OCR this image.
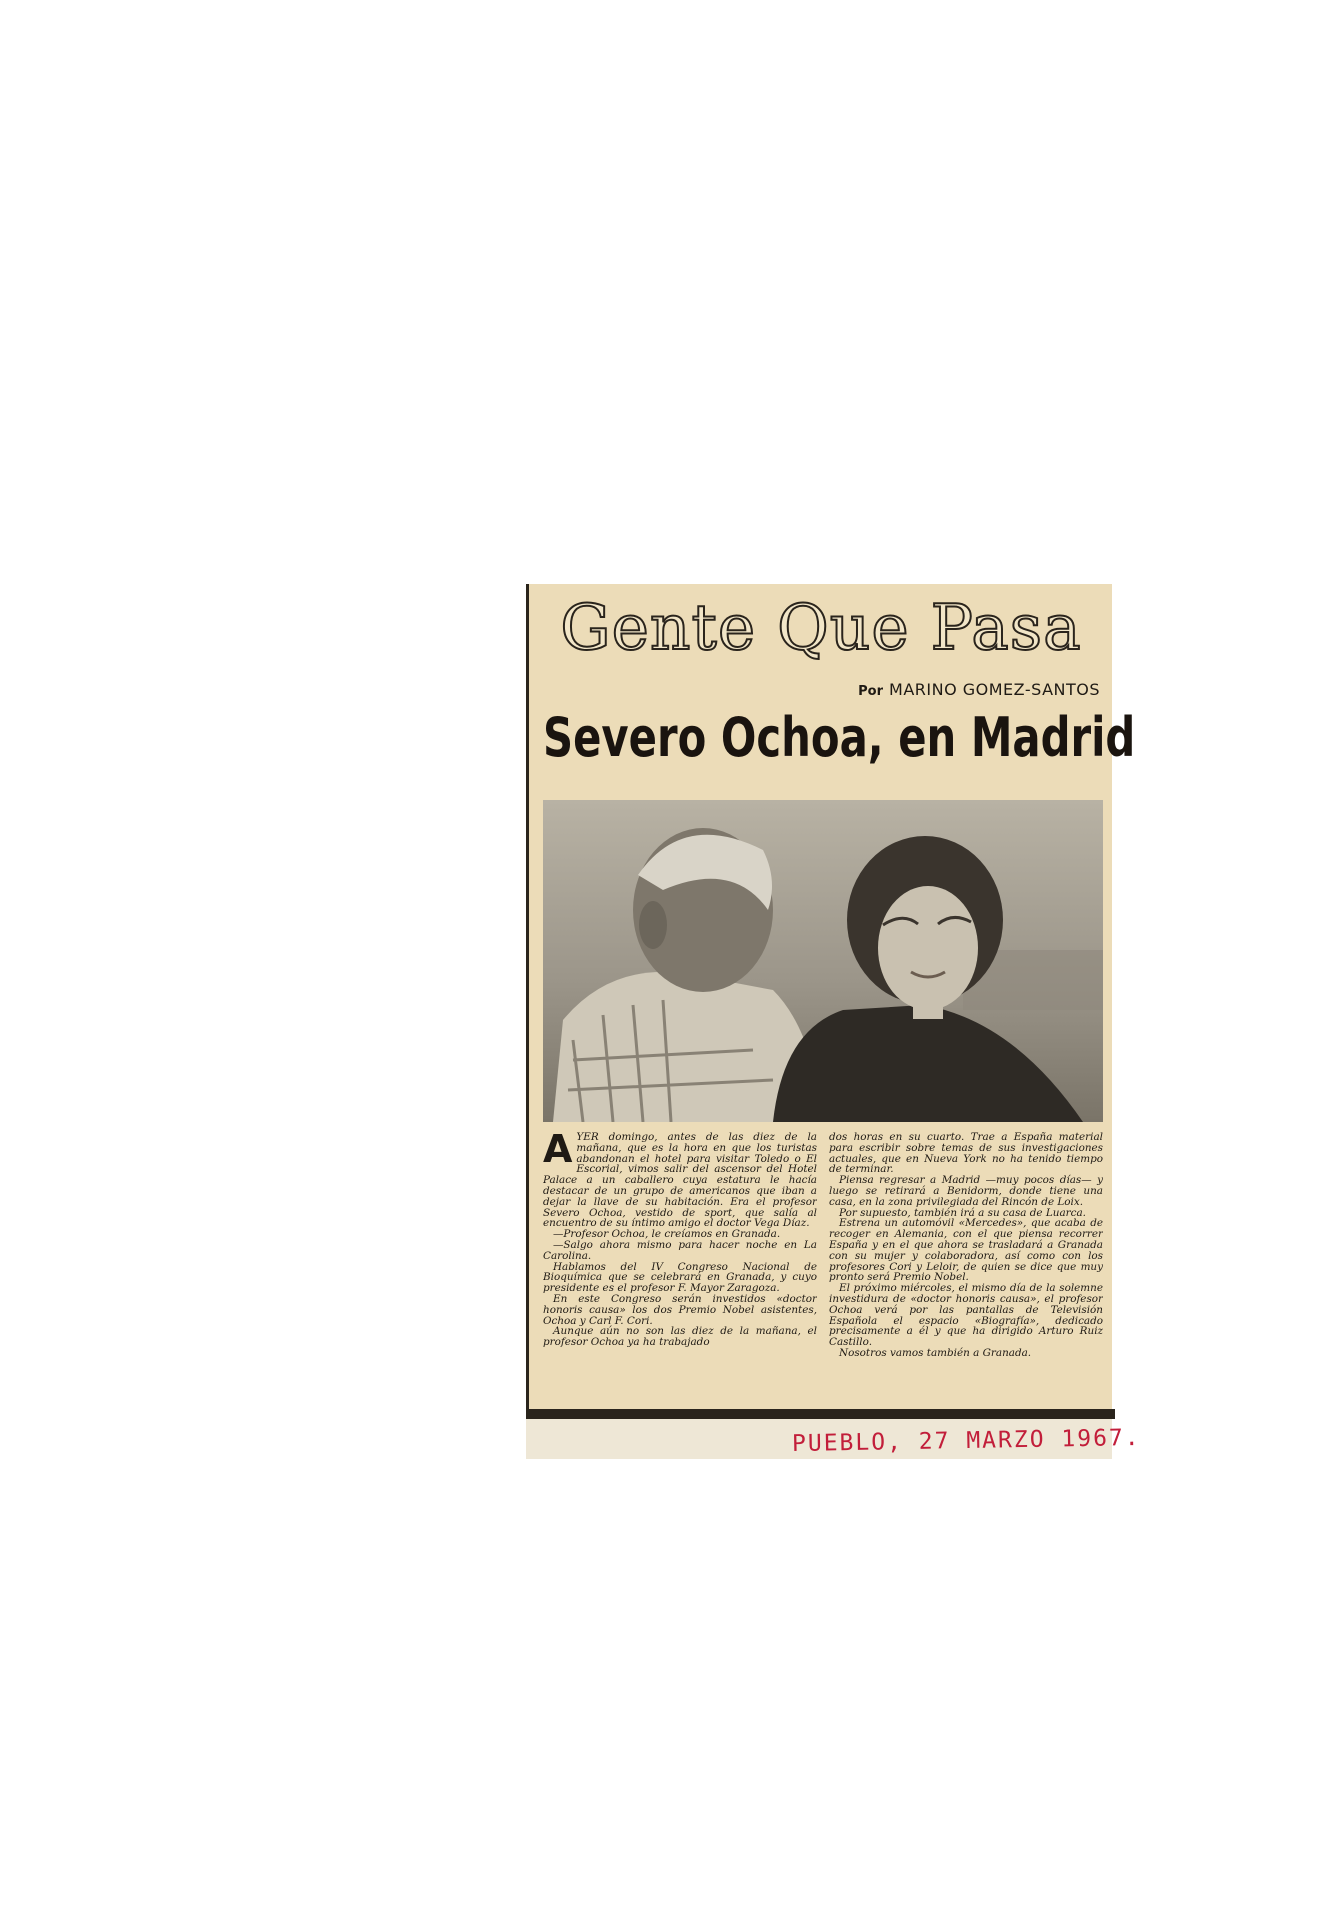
Gente Que Pasa
Por MARINO GOMEZ-SANTOS
Severo Ochoa, en Madrid

AYER domingo, antes de las diez de la mañana, que es la hora en que los turistas abandonan el hotel para visitar Toledo o El Escorial, vimos salir del ascensor del Hotel Palace a un caballero cuya estatura le hacía destacar de un grupo de americanos que iban a dejar la llave de su habitación. Era el profesor Severo Ochoa, vestido de sport, que salía al encuentro de su íntimo amigo el doctor Vega Díaz.

—Profesor Ochoa, le creíamos en Granada.

—Salgo ahora mismo para hacer noche en La Carolina.

Hablamos del IV Congreso Nacional de Bioquímica que se celebrará en Granada, y cuyo presidente es el profesor F. Mayor Zaragoza.

En este Congreso serán investidos «doctor honoris causa» los dos Premio Nobel asistentes, Ochoa y Carl F. Cori.

Aunque aún no son las diez de la mañana, el profesor Ochoa ya ha trabajado

dos horas en su cuarto. Trae a España material para escribir sobre temas de sus investigaciones actuales, que en Nueva York no ha tenido tiempo de terminar.

Piensa regresar a Madrid —muy pocos días— y luego se retirará a Benidorm, donde tiene una casa, en la zona privilegiada del Rincón de Loix.

Por supuesto, también irá a su casa de Luarca.

Estrena un automóvil «Mercedes», que acaba de recoger en Alemania, con el que piensa recorrer España y en el que ahora se trasladará a Granada con su mujer y colaboradora, así como con los profesores Cori y Leloir, de quien se dice que muy pronto será Premio Nobel.

El próximo miércoles, el mismo día de la solemne investidura de «doctor honoris causa», el profesor Ochoa verá por las pantallas de Televisión Española el espacio «Biografía», dedicado precisamente a él y que ha dirigido Arturo Ruiz Castillo.

Nosotros vamos también a Granada.

PUEBLO, 27 MARZO 1967.
